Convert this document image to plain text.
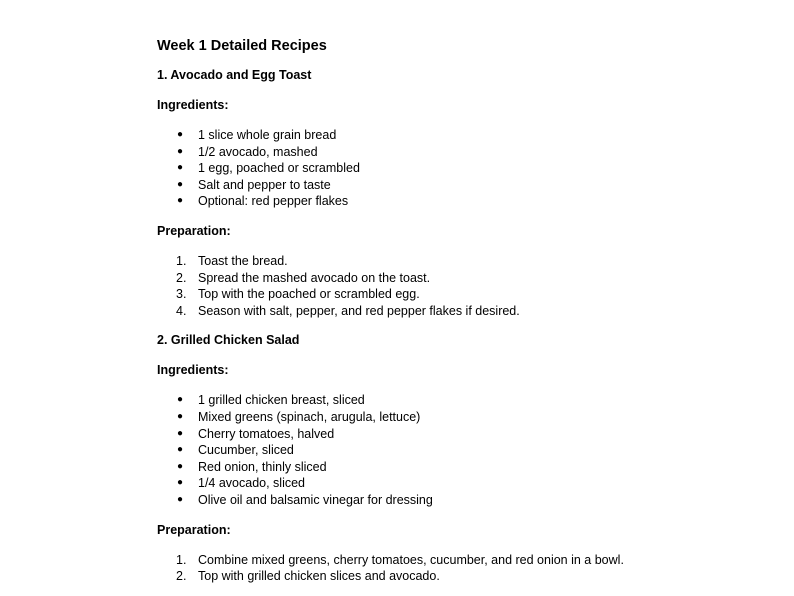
Week 1 Detailed Recipes
1. Avocado and Egg Toast
Ingredients:
● 1 slice whole grain bread
● 1/2 avocado, mashed
● 1 egg, poached or scrambled
● Salt and pepper to taste
● Optional: red pepper flakes
Preparation:
1. Toast the bread.
2. Spread the mashed avocado on the toast.
3. Top with the poached or scrambled egg.
4. Season with salt, pepper, and red pepper flakes if desired.
2. Grilled Chicken Salad
Ingredients:
● 1 grilled chicken breast, sliced
● Mixed greens (spinach, arugula, lettuce)
● Cherry tomatoes, halved
● Cucumber, sliced
● Red onion, thinly sliced
● 1/4 avocado, sliced
● Olive oil and balsamic vinegar for dressing
Preparation:
1. Combine mixed greens, cherry tomatoes, cucumber, and red onion in a bowl.
2. Top with grilled chicken slices and avocado.
